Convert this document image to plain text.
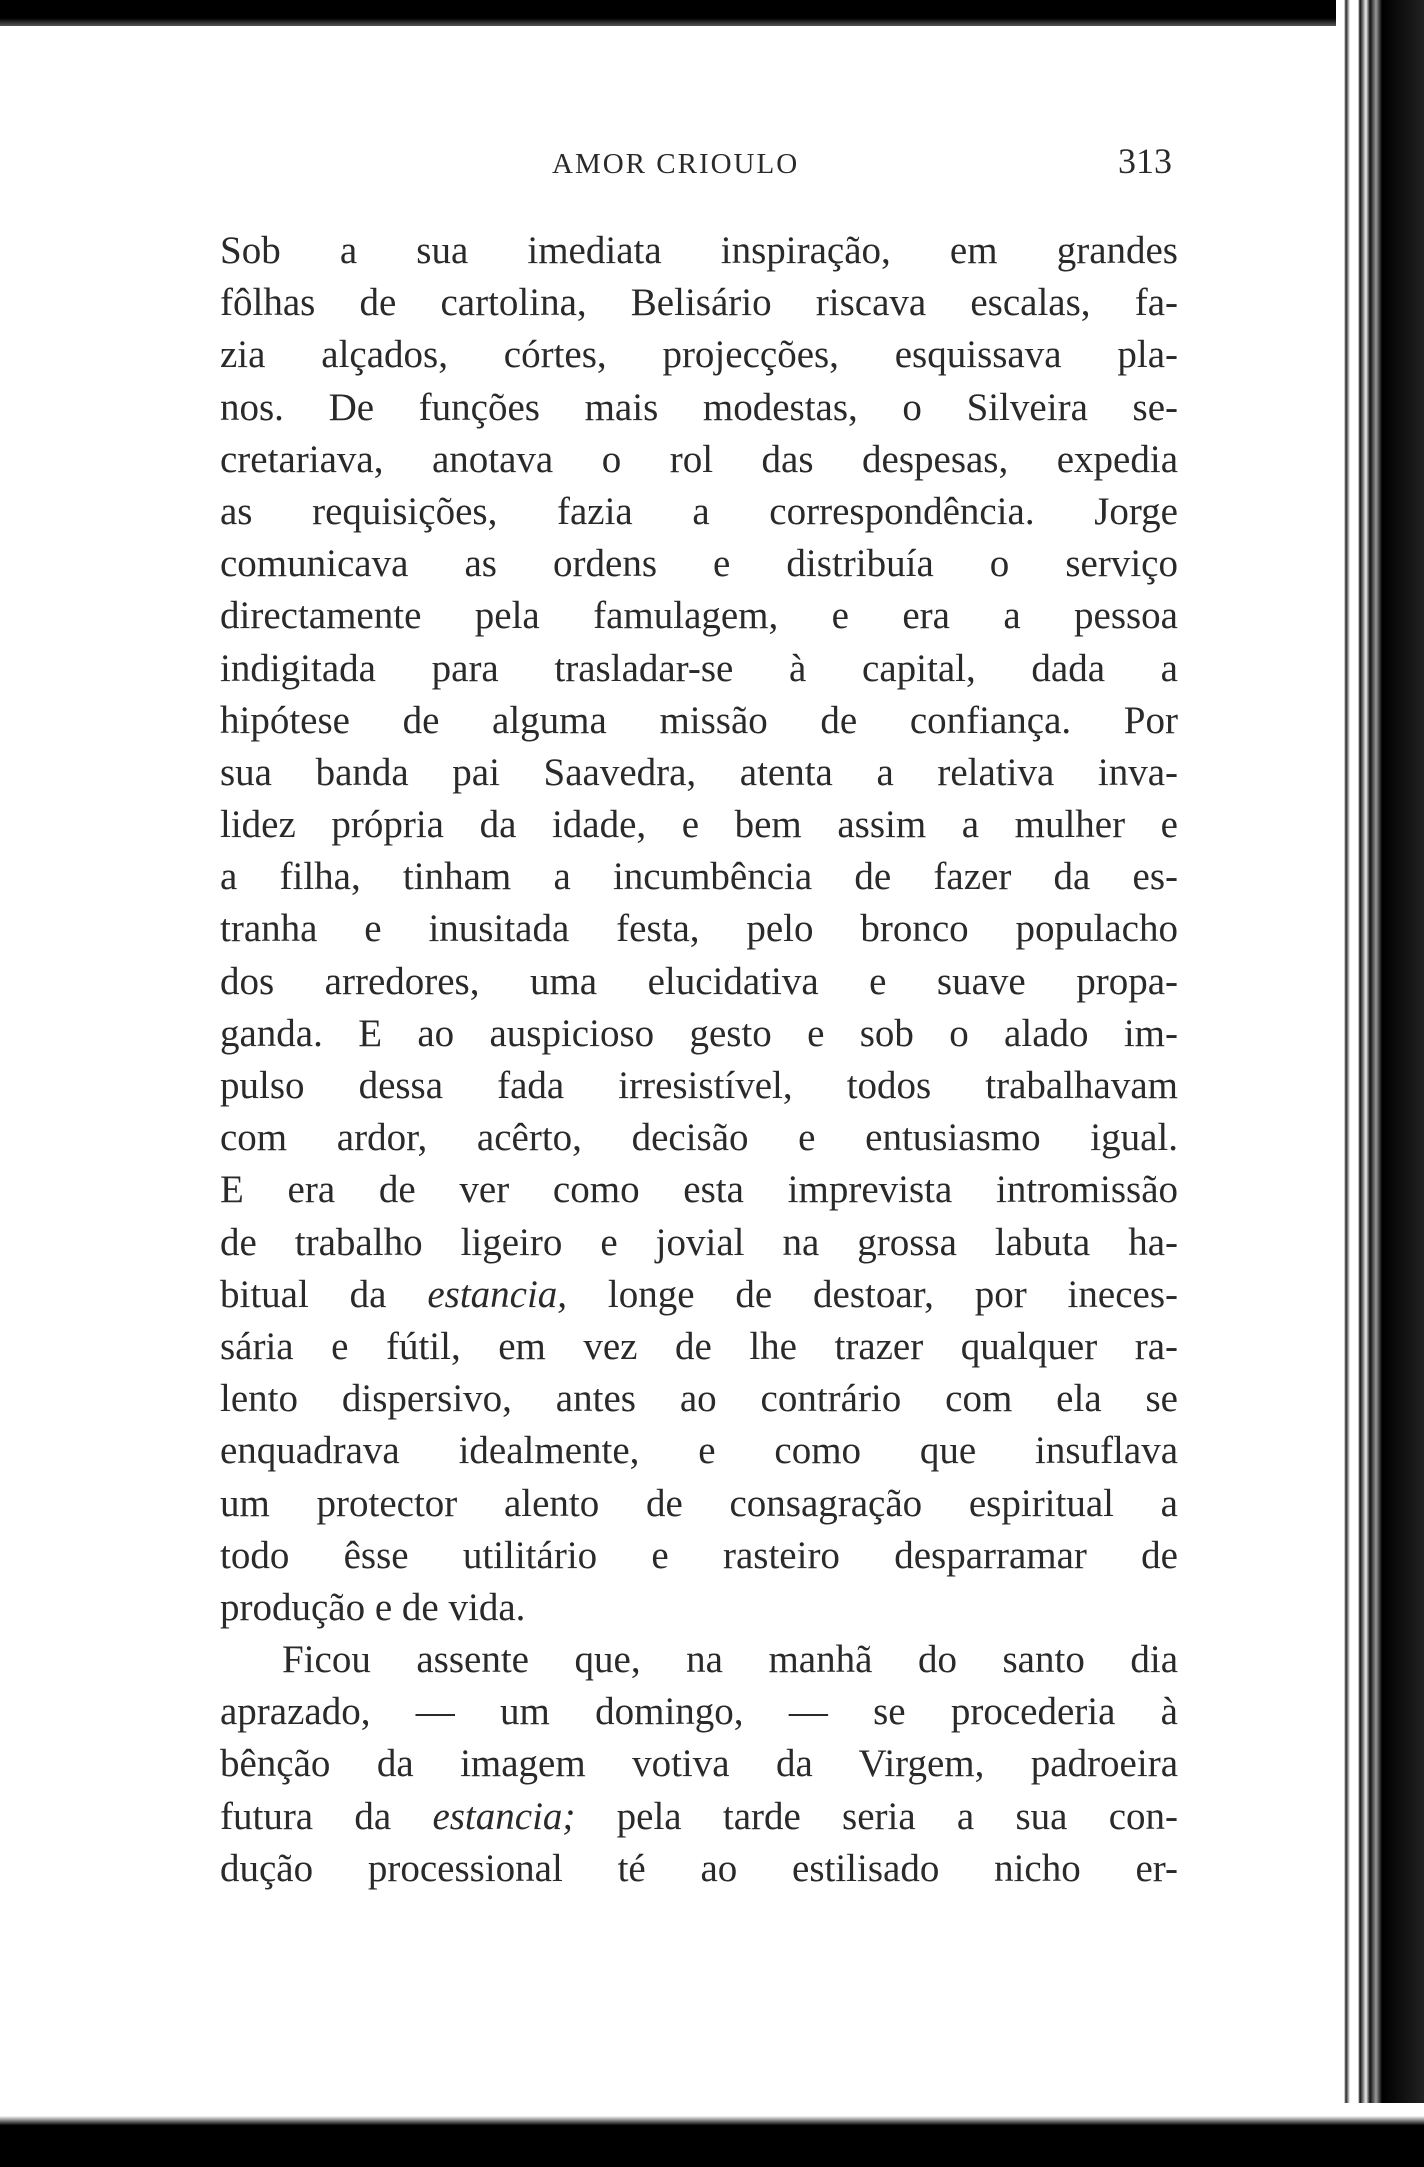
AMOR CRIOULO	313
Sob a sua imediata inspiração, em grandes
fôlhas de cartolina, Belisário riscava escalas, fa-
zia alçados, córtes, projecções, esquissava pla-
nos. De funções mais modestas, o Silveira se-
cretariava, anotava o rol das despesas, expedia
as requisições, fazia a correspondência. Jorge
comunicava as ordens e distribuía o serviço
directamente pela famulagem, e era a pessoa
indigitada para trasladar-se à capital, dada a
hipótese de alguma missão de confiança. Por
sua banda pai Saavedra, atenta a relativa inva-
lidez própria da idade, e bem assim a mulher e
a filha, tinham a incumbência de fazer da es-
tranha e inusitada festa, pelo bronco populacho
dos arredores, uma elucidativa e suave propa-
ganda. E ao auspicioso gesto e sob o alado im-
pulso dessa fada irresistível, todos trabalhavam
com ardor, acêrto, decisão e entusiasmo igual.
E era de ver como esta imprevista intromissão
de trabalho ligeiro e jovial na grossa labuta ha-
bitual da estancia, longe de destoar, por ineces-
sária e fútil, em vez de lhe trazer qualquer ra-
lento dispersivo, antes ao contrário com ela se
enquadrava idealmente, e como que insuflava
um protector alento de consagração espiritual a
todo êsse utilitário e rasteiro desparramar de
produção e de vida.
Ficou assente que, na manhã do santo dia
aprazado, — um domingo, — se procederia à
bênção da imagem votiva da Virgem, padroeira
futura da estancia; pela tarde seria a sua con-
dução processional té ao estilisado nicho er-
